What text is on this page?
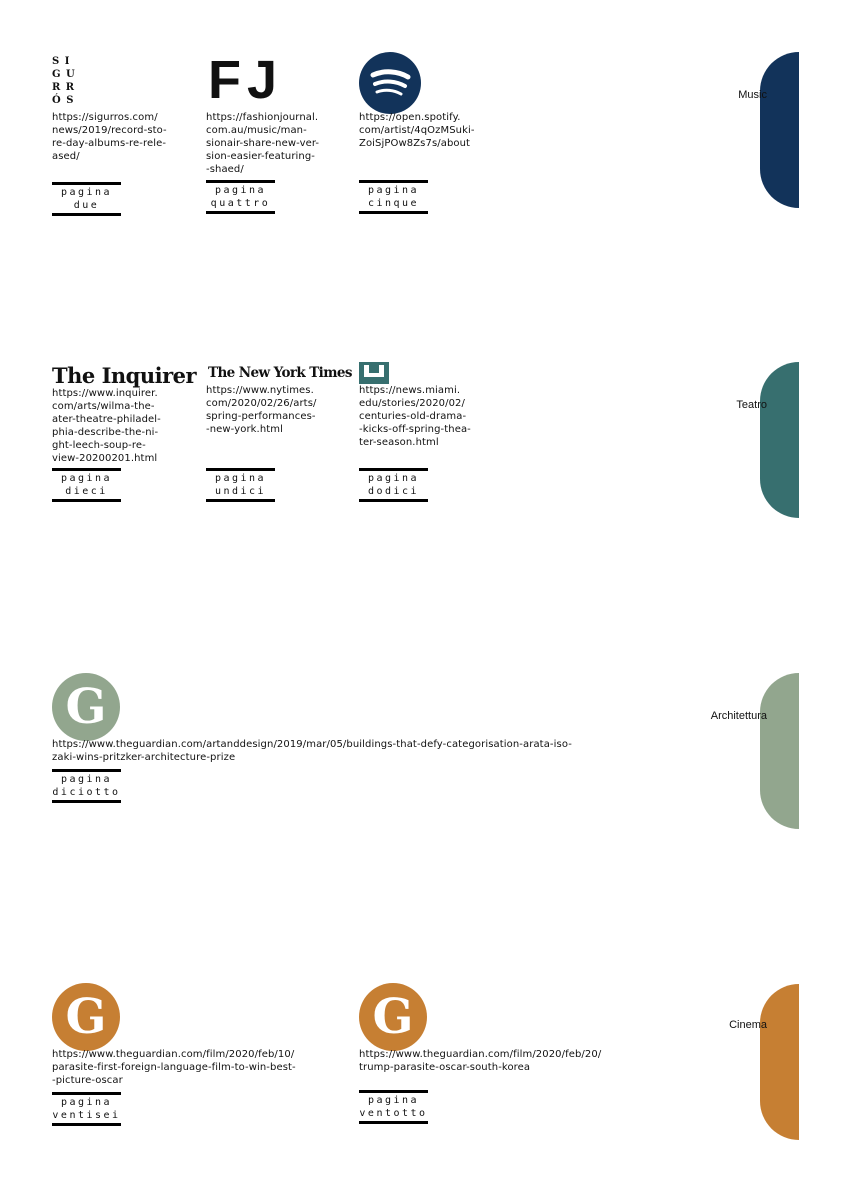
Music
S I
G U
R R
Ó S
https://sigurros.com/
news/2019/record-sto-
re-day-albums-re-rele-
ased/
pagina
due
FJ
https://fashionjournal.
com.au/music/man-
sionair-share-new-ver-
sion-easier-featuring-
-shaed/
pagina
quattro
https://open.spotify.
com/artist/4qOzMSuki-
ZoiSjPOw8Zs7s/about
pagina
cinque
Teatro
The Inquirer
https://www.inquirer.
com/arts/wilma-the-
ater-theatre-philadel-
phia-describe-the-ni-
ght-leech-soup-re-
view-20200201.html
pagina
dieci
The New York Times
https://www.nytimes.
com/2020/02/26/arts/
spring-performances-
-new-york.html
pagina
undici
https://news.miami.
edu/stories/2020/02/
centuries-old-drama-
-kicks-off-spring-thea-
ter-season.html
pagina
dodici
Architettura
G
https://www.theguardian.com/artanddesign/2019/mar/05/buildings-that-defy-categorisation-arata-iso-
zaki-wins-pritzker-architecture-prize
pagina
diciotto
Cinema
G
https://www.theguardian.com/film/2020/feb/10/
parasite-first-foreign-language-film-to-win-best-
-picture-oscar
pagina
ventisei
G
https://www.theguardian.com/film/2020/feb/20/
trump-parasite-oscar-south-korea
pagina
ventotto
